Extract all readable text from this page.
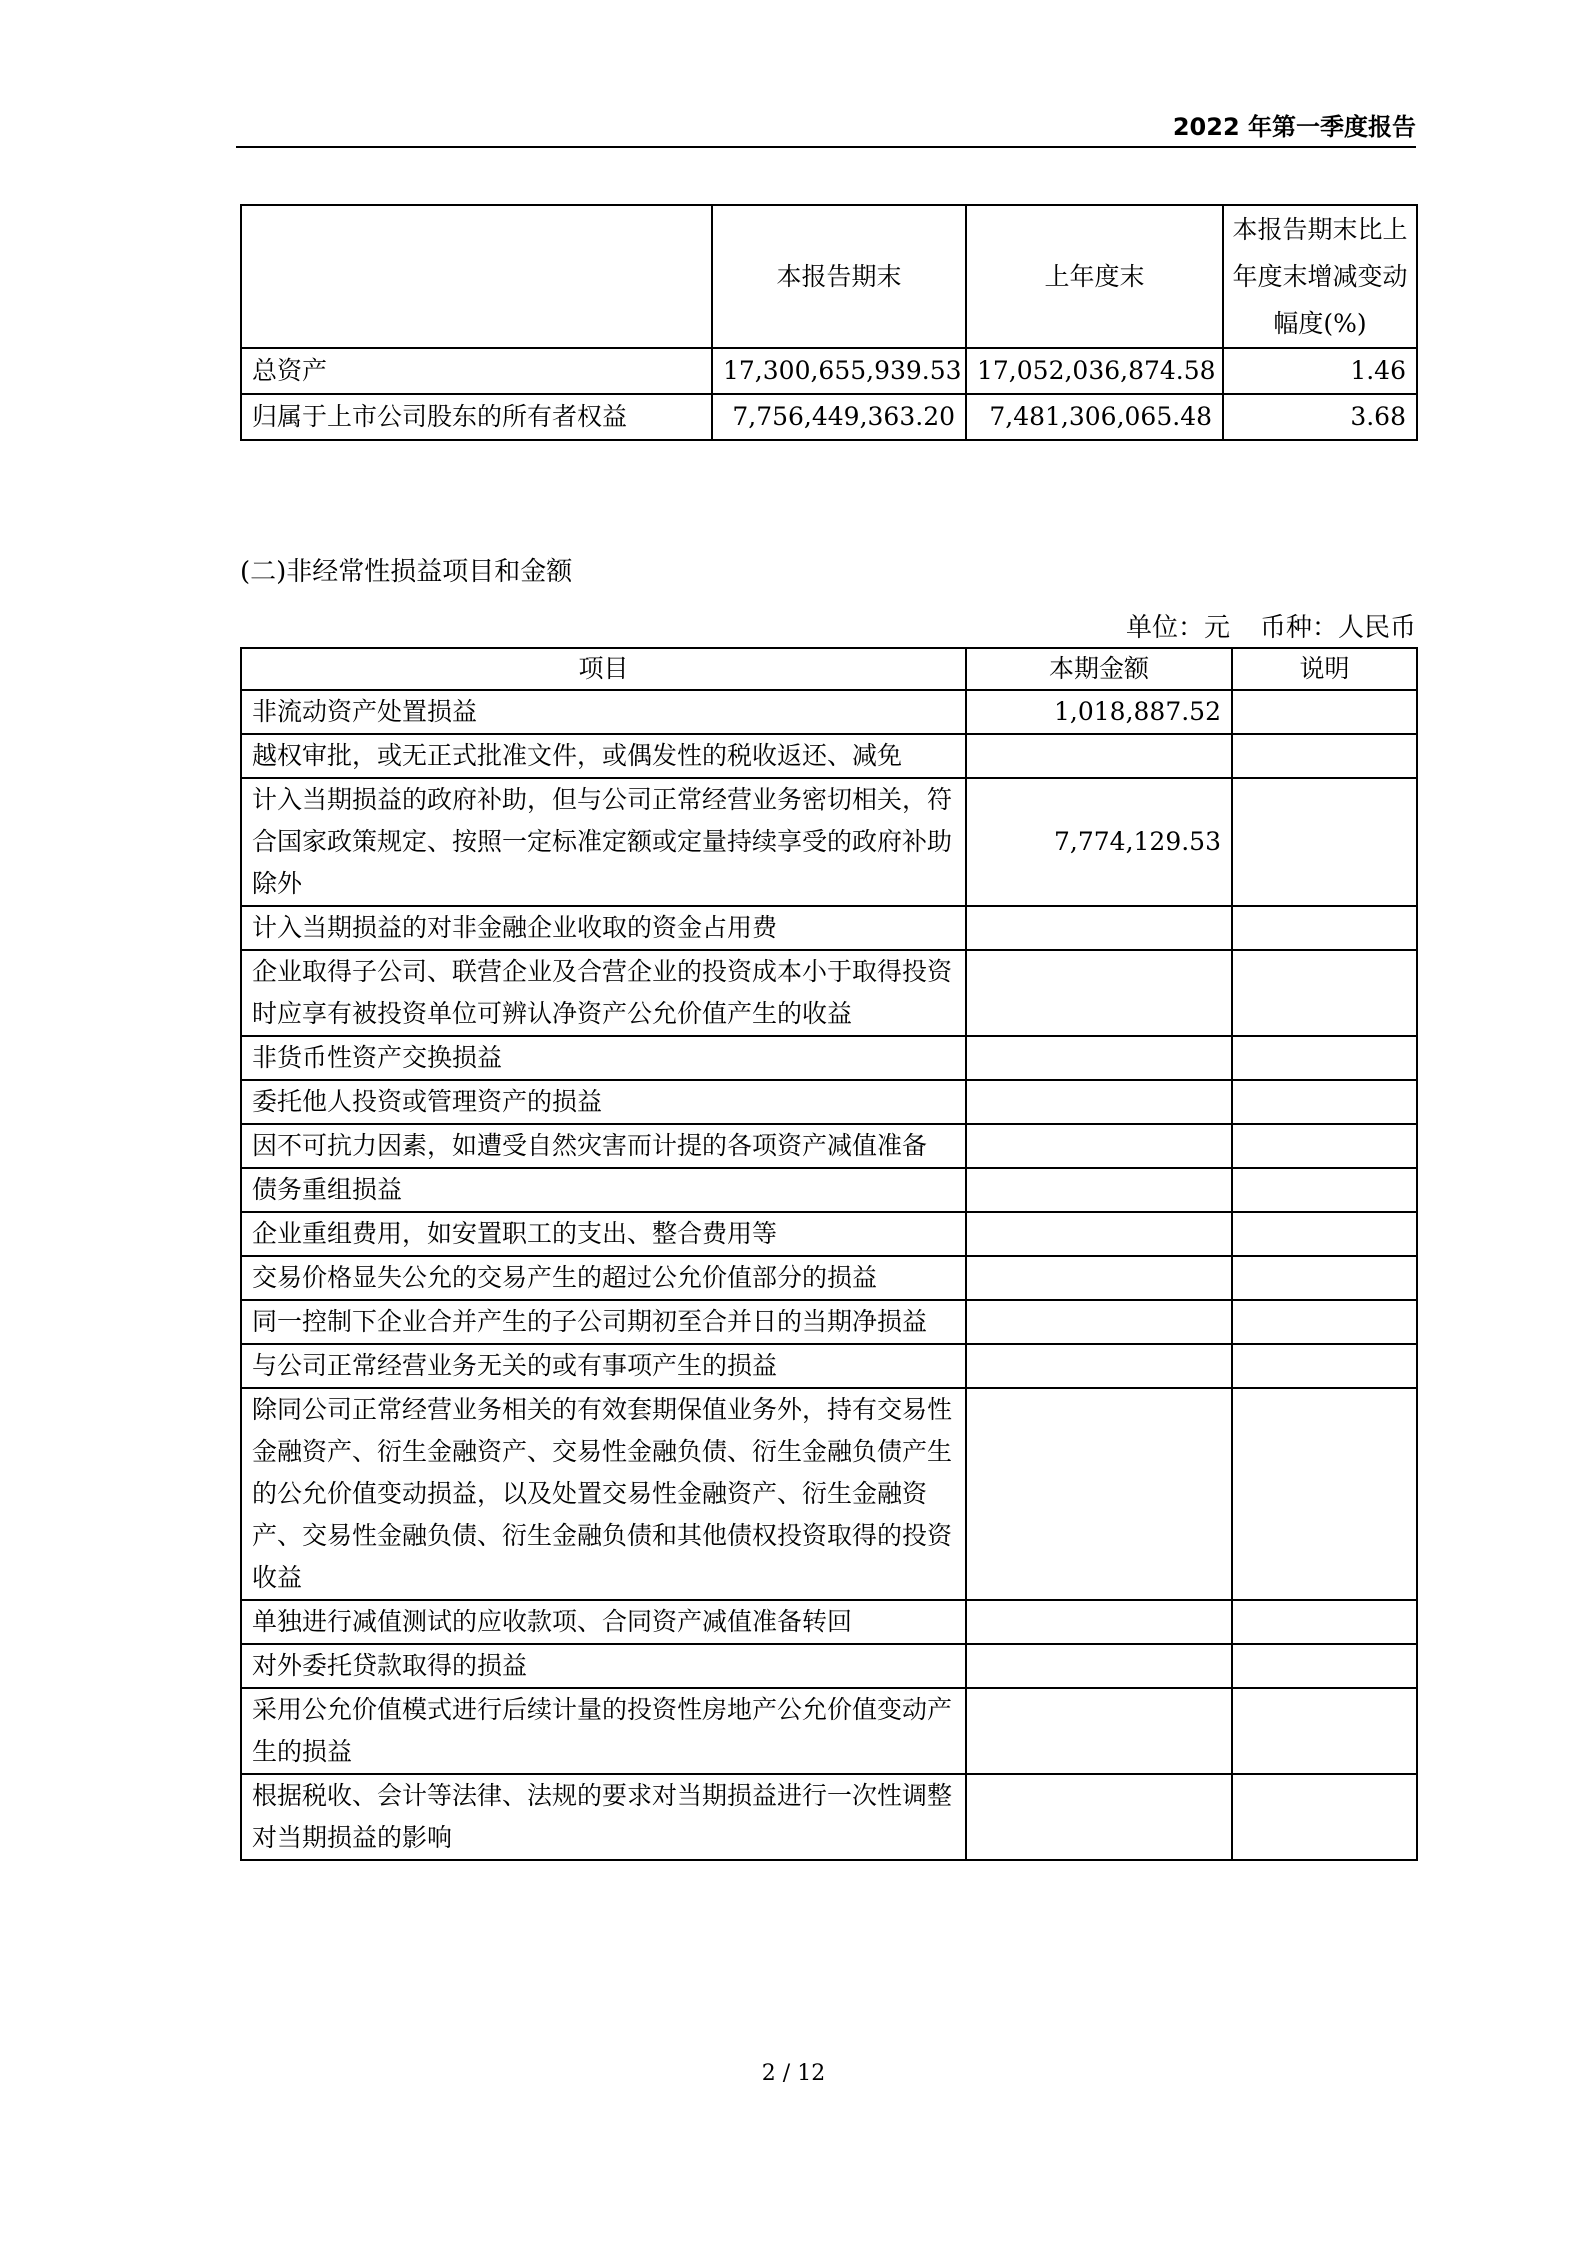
2022 年第一季度报告
	本报告期末	上年度末	本报告期末比上年度末增减变动幅度(%)
总资产	17,300,655,939.53	17,052,036,874.58	1.46
归属于上市公司股东的所有者权益	7,756,449,363.20	7,481,306,065.48	3.68
(二)非经常性损益项目和金额
单位：元 币种：人民币
项目	本期金额	说明
非流动资产处置损益	1,018,887.52	
越权审批，或无正式批准文件，或偶发性的税收返还、减免		
计入当期损益的政府补助，但与公司正常经营业务密切相关，符合国家政策规定、按照一定标准定额或定量持续享受的政府补助除外	7,774,129.53	
计入当期损益的对非金融企业收取的资金占用费		
企业取得子公司、联营企业及合营企业的投资成本小于取得投资时应享有被投资单位可辨认净资产公允价值产生的收益		
非货币性资产交换损益		
委托他人投资或管理资产的损益		
因不可抗力因素，如遭受自然灾害而计提的各项资产减值准备		
债务重组损益		
企业重组费用，如安置职工的支出、整合费用等		
交易价格显失公允的交易产生的超过公允价值部分的损益		
同一控制下企业合并产生的子公司期初至合并日的当期净损益		
与公司正常经营业务无关的或有事项产生的损益		
除同公司正常经营业务相关的有效套期保值业务外，持有交易性金融资产、衍生金融资产、交易性金融负债、衍生金融负债产生的公允价值变动损益，以及处置交易性金融资产、衍生金融资产、交易性金融负债、衍生金融负债和其他债权投资取得的投资收益		
单独进行减值测试的应收款项、合同资产减值准备转回		
对外委托贷款取得的损益		
采用公允价值模式进行后续计量的投资性房地产公允价值变动产生的损益		
根据税收、会计等法律、法规的要求对当期损益进行一次性调整对当期损益的影响		
2 / 12
